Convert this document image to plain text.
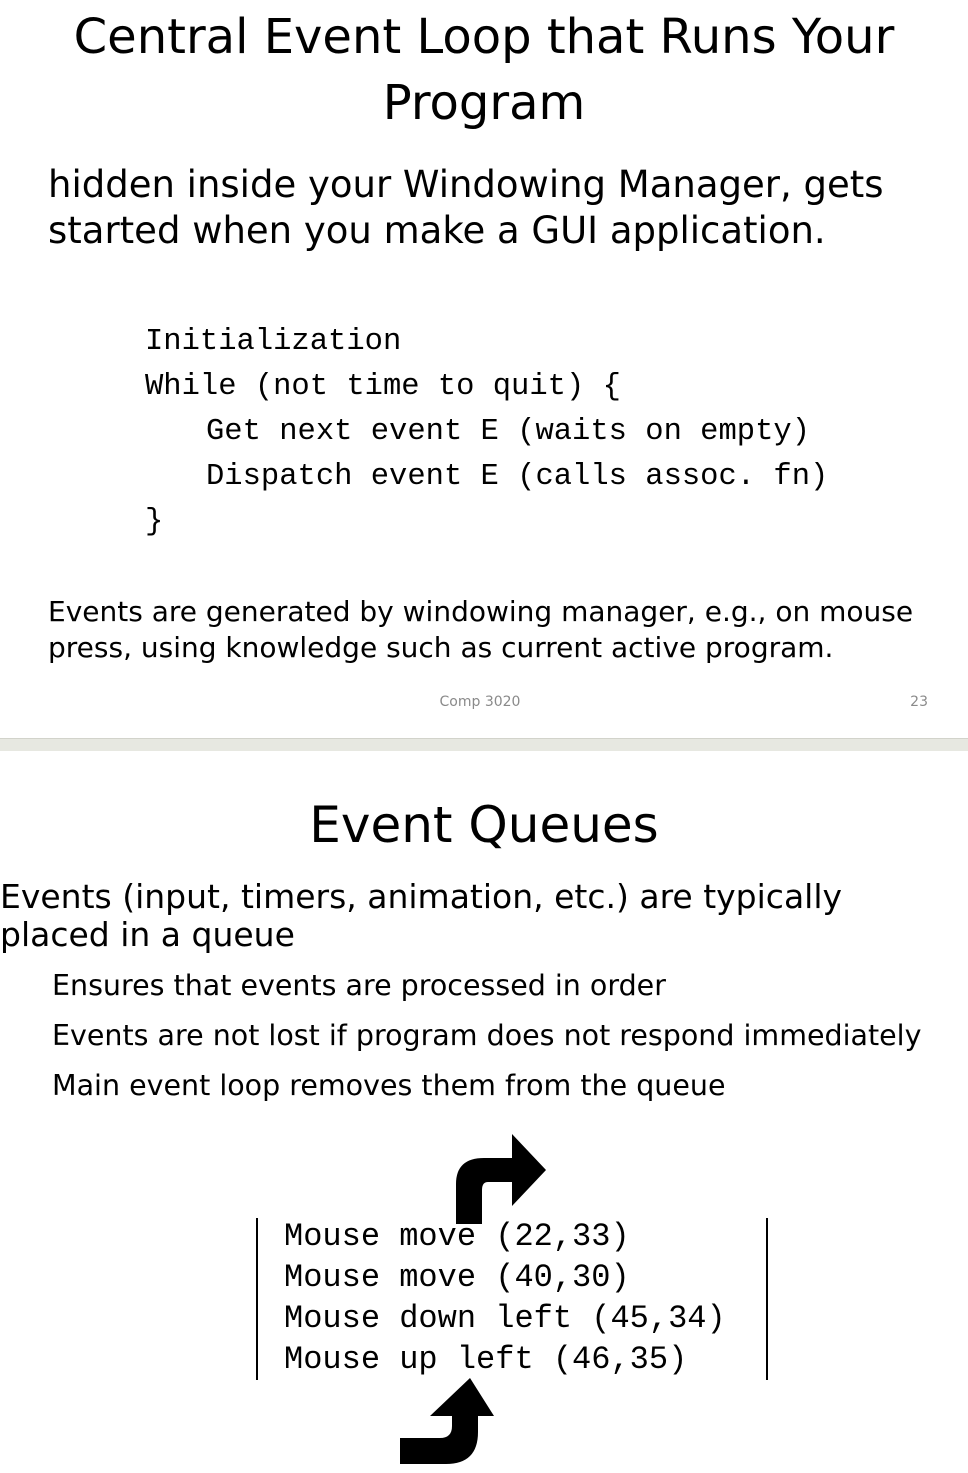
Central Event Loop that Runs Your Program
hidden inside your Windowing Manager, gets started when you make a GUI application.
Initialization
While (not time to quit) {
Get next event E (waits on empty)
Dispatch event E (calls assoc. fn)
}
Events are generated by windowing manager, e.g., on mouse press, using knowledge such as current active program.
Comp 3020	23
Event Queues
Events (input, timers, animation, etc.) are typically placed in a queue
Ensures that events are processed in order
Events are not lost if program does not respond immediately
Main event loop removes them from the queue
Mouse move (22,33)
Mouse move (40,30)
Mouse down left (45,34)
Mouse up left (46,35)
